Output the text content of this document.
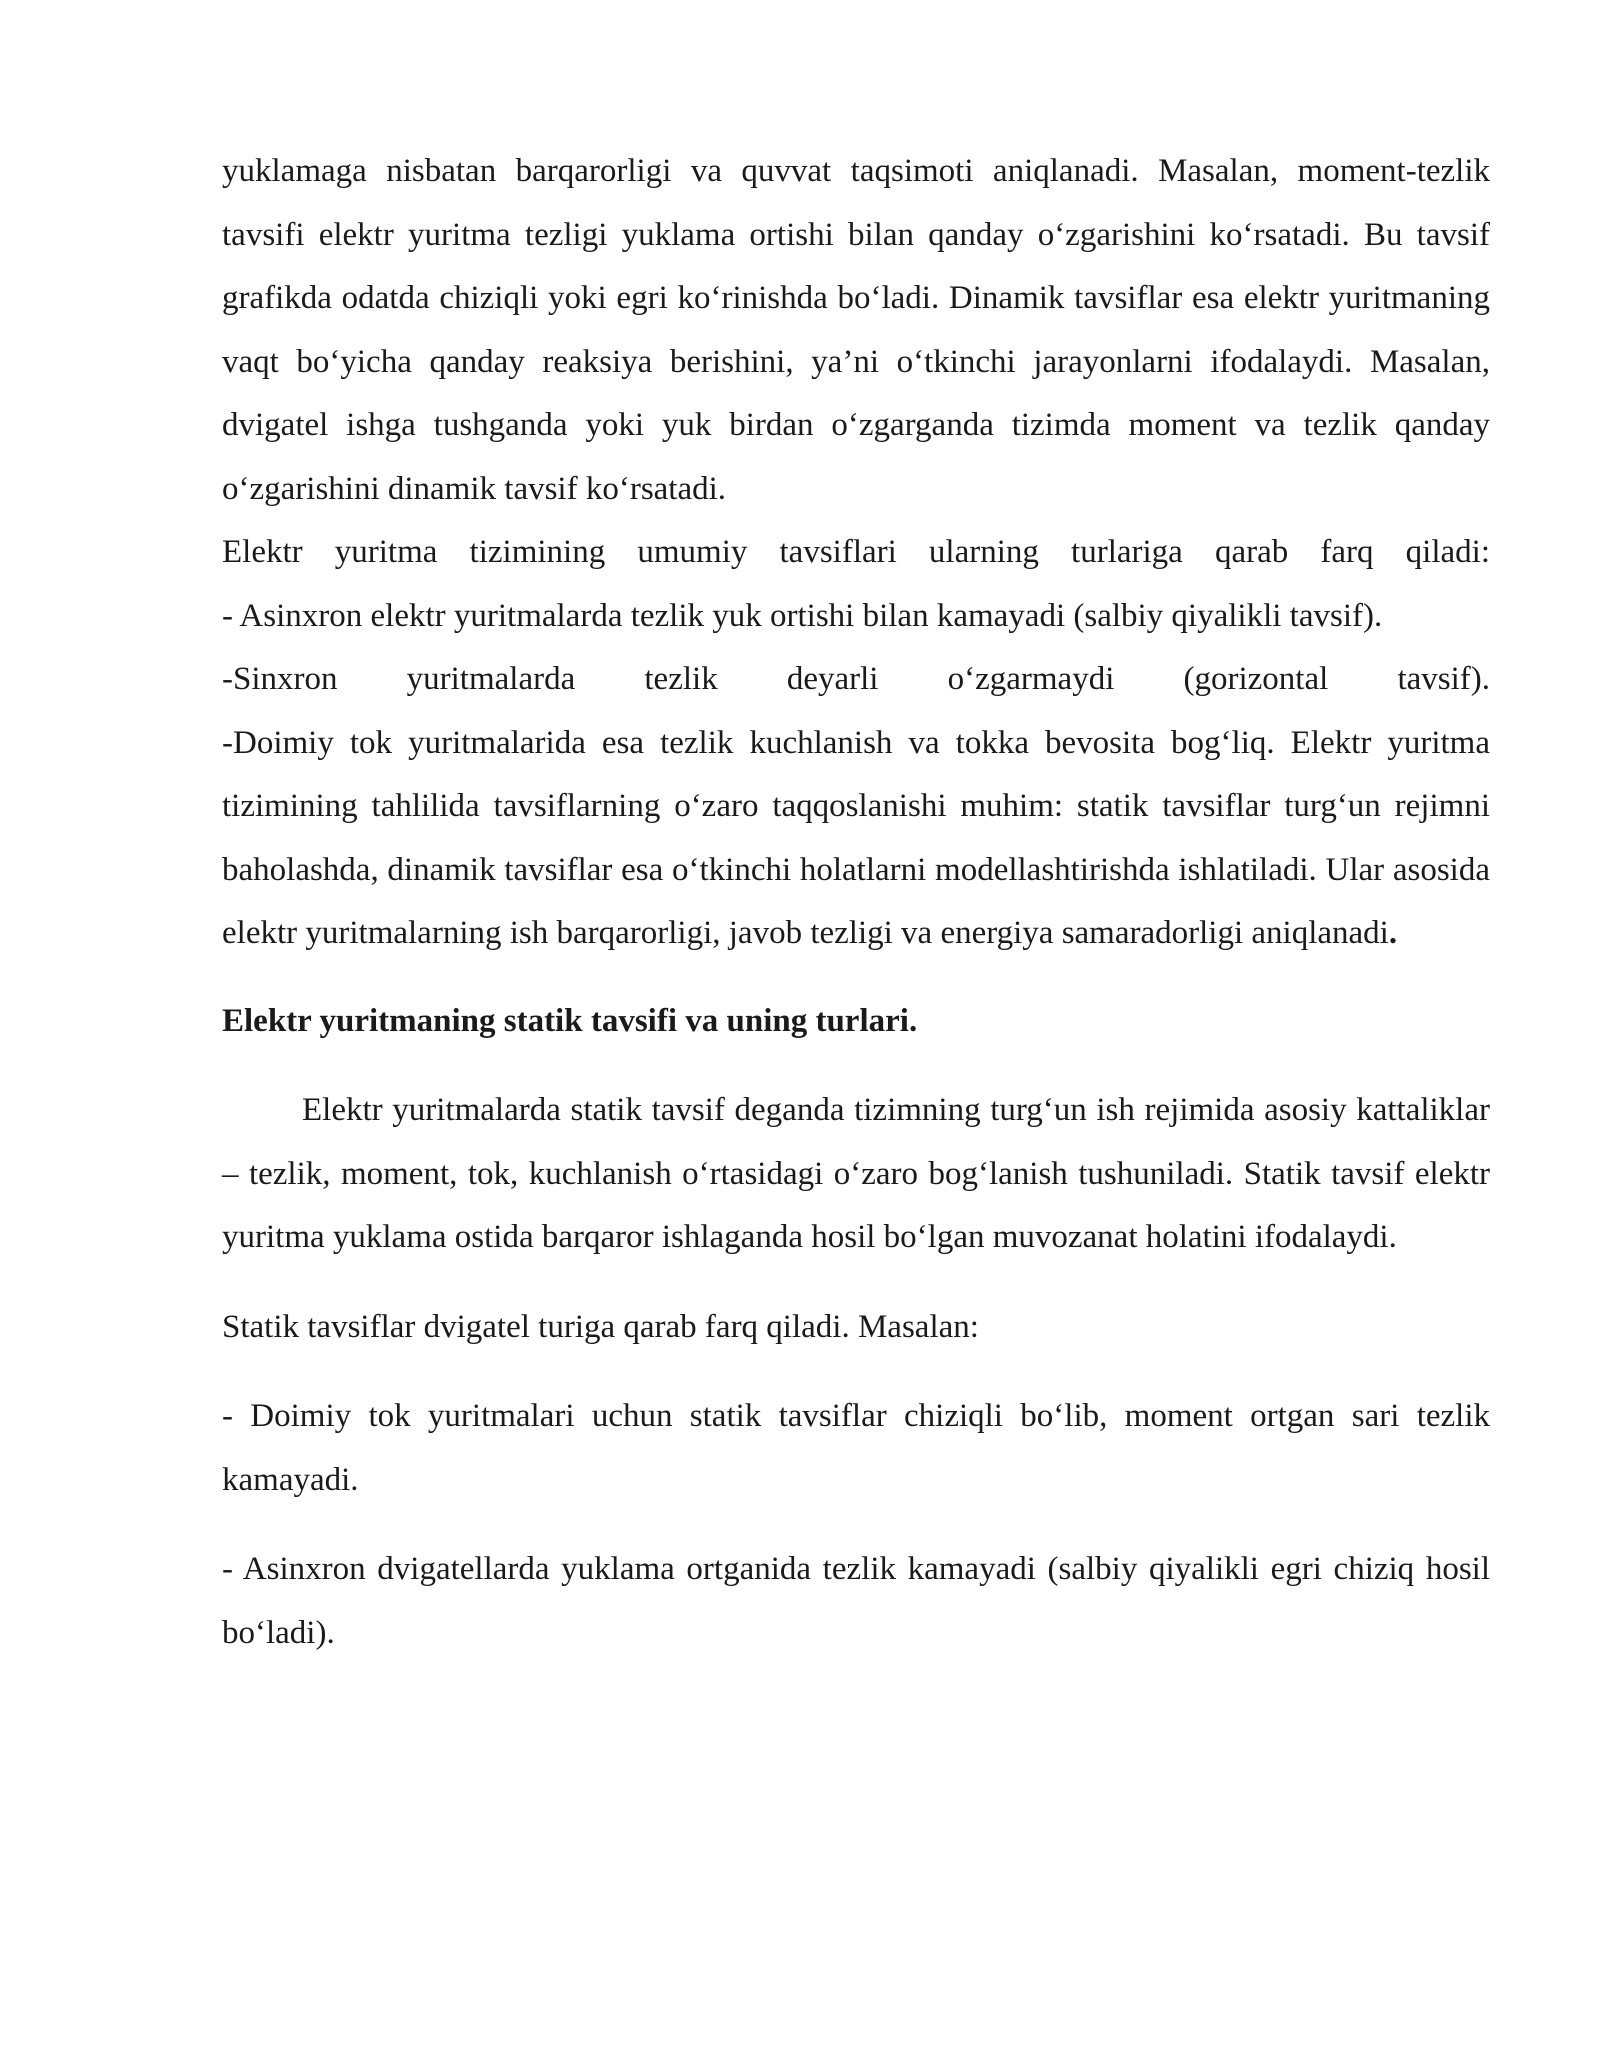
yuklamaga nisbatan barqarorligi va quvvat taqsimoti aniqlanadi. Masalan, moment-tezlik tavsifi elektr yuritma tezligi yuklama ortishi bilan qanday o‘zgarishini ko‘rsatadi. Bu tavsif grafikda odatda chiziqli yoki egri ko‘rinishda bo‘ladi. Dinamik tavsiflar esa elektr yuritmaning vaqt bo‘yicha qanday reaksiya berishini, ya’ni o‘tkinchi jarayonlarni ifodalaydi. Masalan, dvigatel ishga tushganda yoki yuk birdan o‘zgarganda tizimda moment va tezlik qanday o‘zgarishini dinamik tavsif ko‘rsatadi.

Elektr yuritma tizimining umumiy tavsiflari ularning turlariga qarab farq qiladi:

- Asinxron elektr yuritmalarda tezlik yuk ortishi bilan kamayadi (salbiy qiyalikli tavsif).

-Sinxron yuritmalarda tezlik deyarli o‘zgarmaydi (gorizontal tavsif).

-Doimiy tok yuritmalarida esa tezlik kuchlanish va tokka bevosita bog‘liq. Elektr yuritma tizimining tahlilida tavsiflarning o‘zaro taqqoslanishi muhim: statik tavsiflar turg‘un rejimni baholashda, dinamik tavsiflar esa o‘tkinchi holatlarni modellashtirishda ishlatiladi. Ular asosida elektr yuritmalarning ish barqarorligi, javob tezligi va energiya samaradorligi aniqlanadi.

Elektr yuritmaning statik tavsifi va uning turlari.

Elektr yuritmalarda statik tavsif deganda tizimning turg‘un ish rejimida asosiy kattaliklar – tezlik, moment, tok, kuchlanish o‘rtasidagi o‘zaro bog‘lanish tushuniladi. Statik tavsif elektr yuritma yuklama ostida barqaror ishlaganda hosil bo‘lgan muvozanat holatini ifodalaydi.

Statik tavsiflar dvigatel turiga qarab farq qiladi. Masalan:

- Doimiy tok yuritmalari uchun statik tavsiflar chiziqli bo‘lib, moment ortgan sari tezlik kamayadi.

- Asinxron dvigatellarda yuklama ortganida tezlik kamayadi (salbiy qiyalikli egri chiziq hosil bo‘ladi).
